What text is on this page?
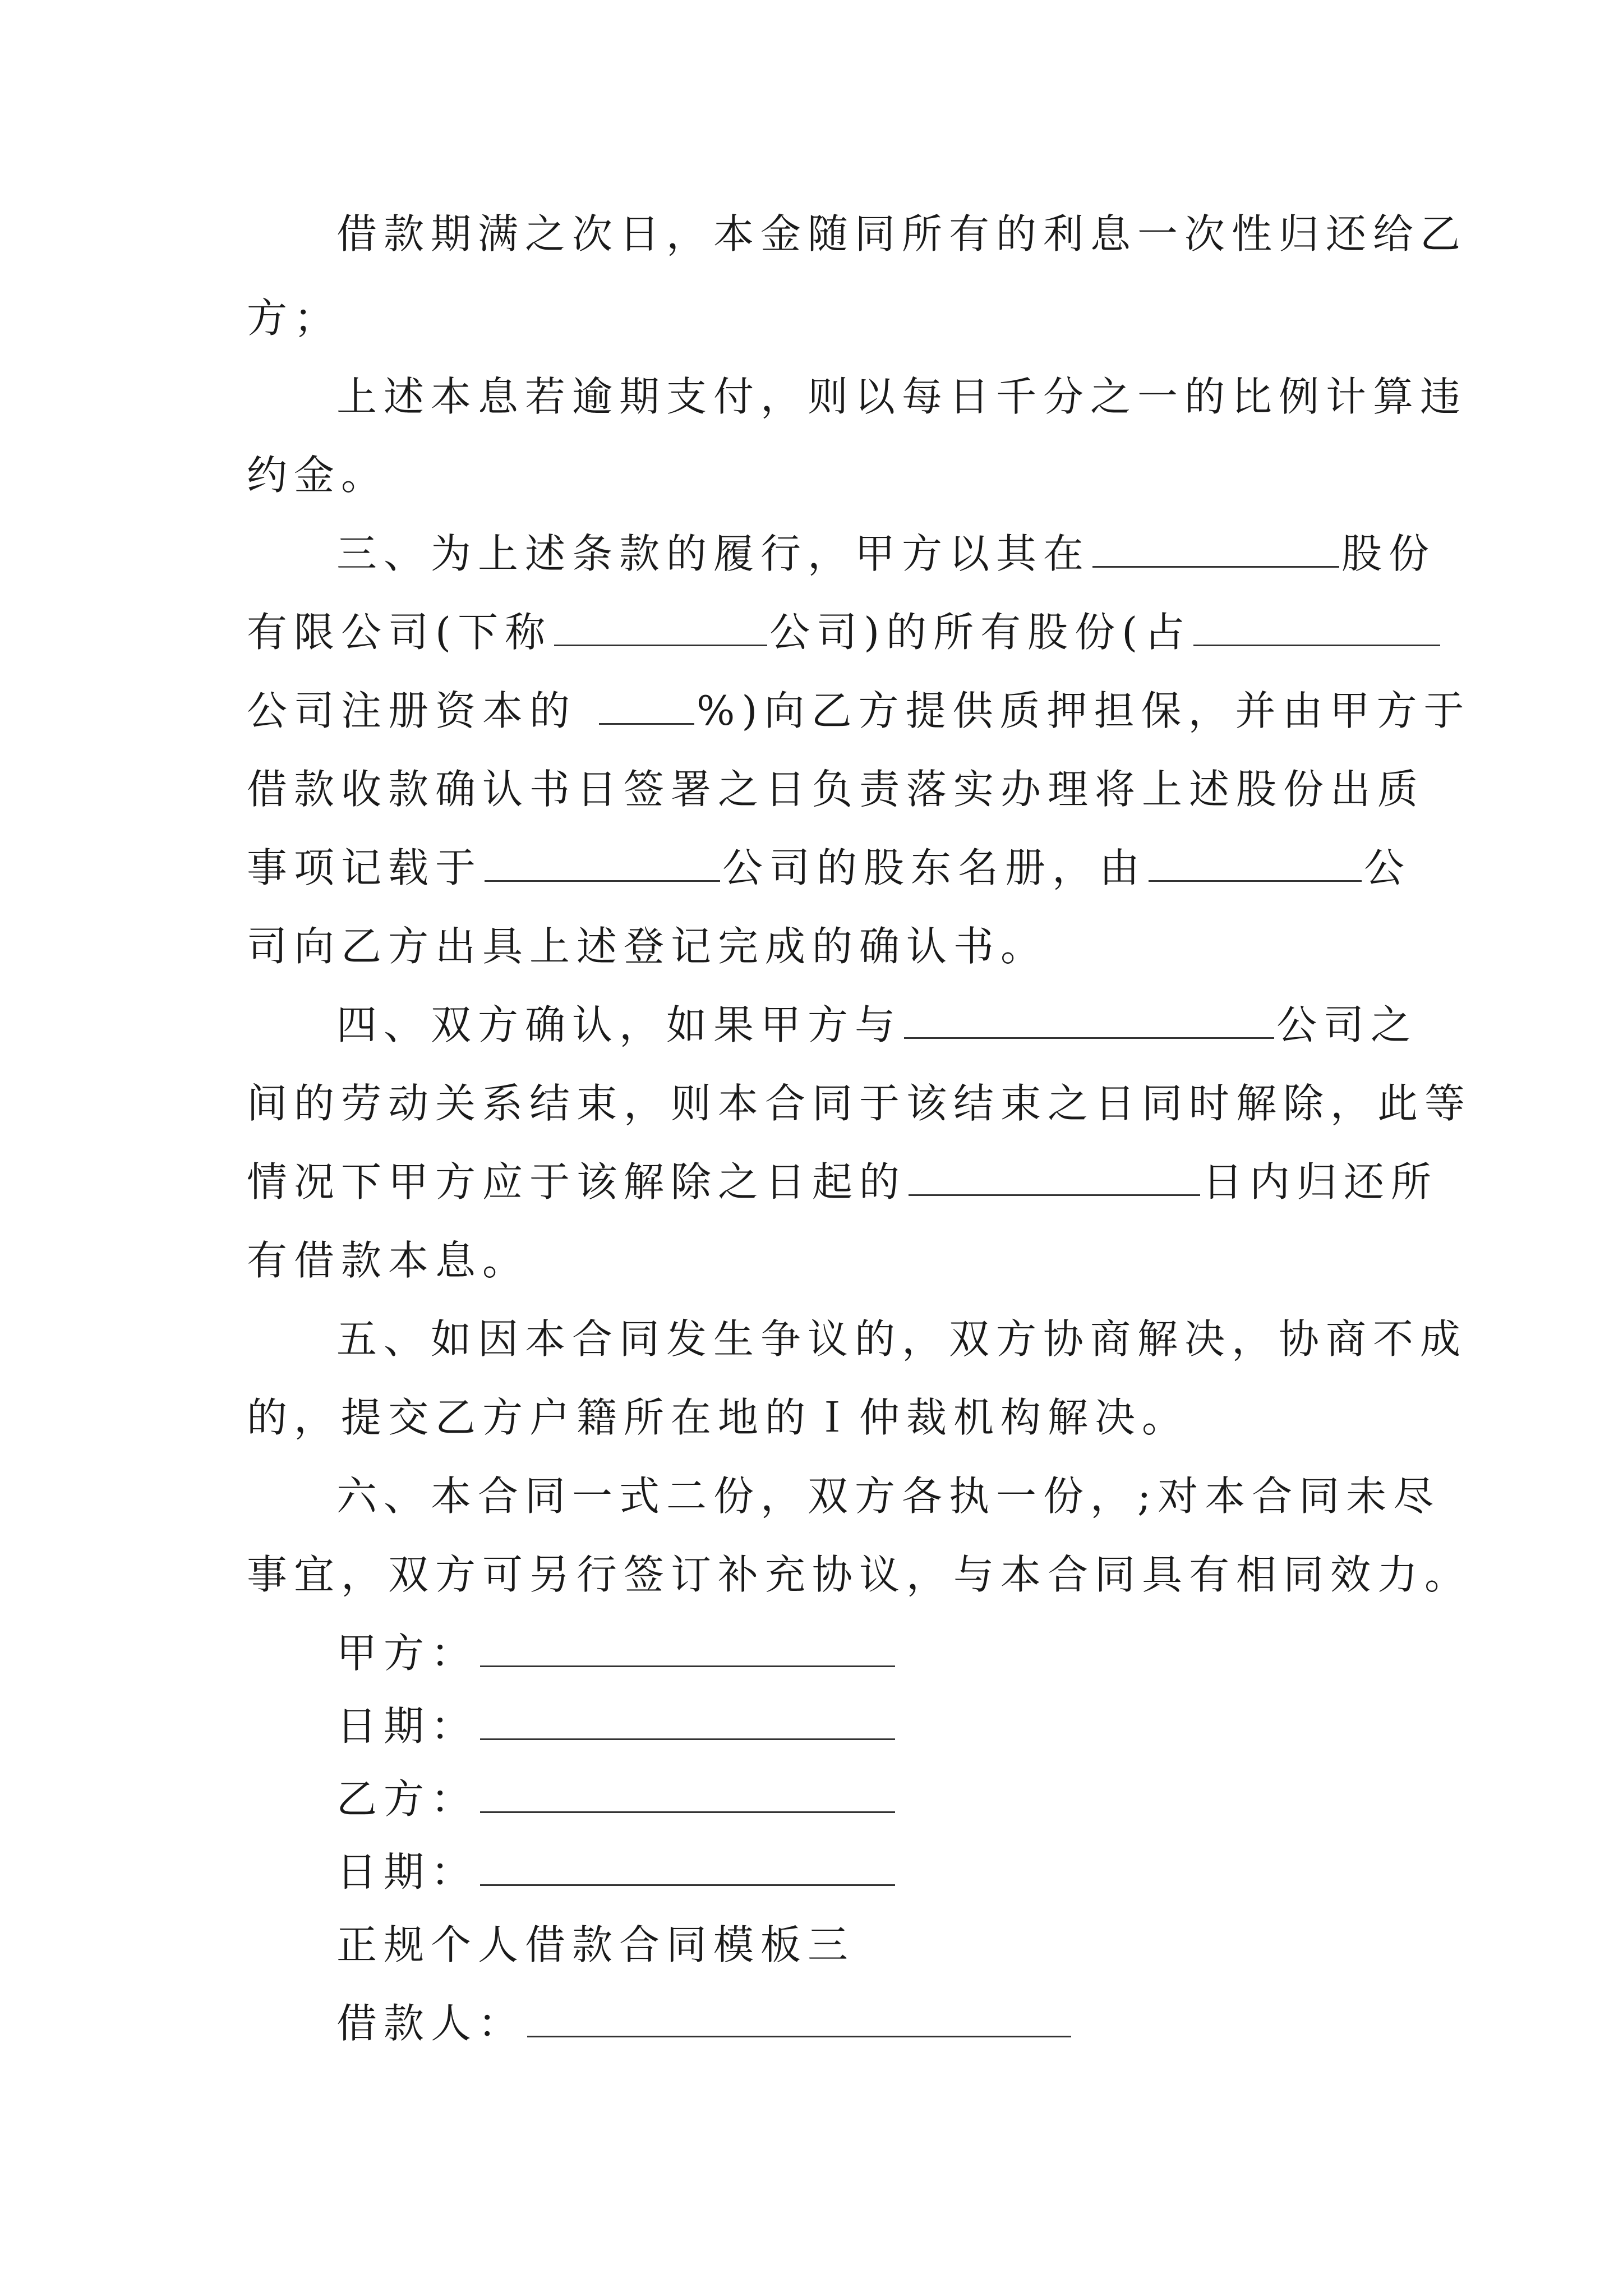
借款期满之次日，本金随同所有的利息一次性归还给乙
方；
上述本息若逾期支付，则以每日千分之一的比例计算违
约金。
三、为上述条款的履行，甲方以其在	股份
有限公司(下称	公司)的所有股份(占
公司注册资本的	%)向乙方提供质押担保，并由甲方于
借款收款确认书日签署之日负责落实办理将上述股份出质
事项记载于	公司的股东名册，由	公
司向乙方出具上述登记完成的确认书。
四、双方确认，如果甲方与	公司之
间的劳动关系结束，则本合同于该结束之日同时解除，此等
情况下甲方应于该解除之日起的	日内归还所
有借款本息。
五、如因本合同发生争议的，双方协商解决，协商不成
的，提交乙方户籍所在地的Ｉ仲裁机构解决。
六、本合同一式二份，双方各执一份，;对本合同未尽
事宜，双方可另行签订补充协议，与本合同具有相同效力。
甲方：
日期：
乙方：
日期：
正规个人借款合同模板三
借款人：
